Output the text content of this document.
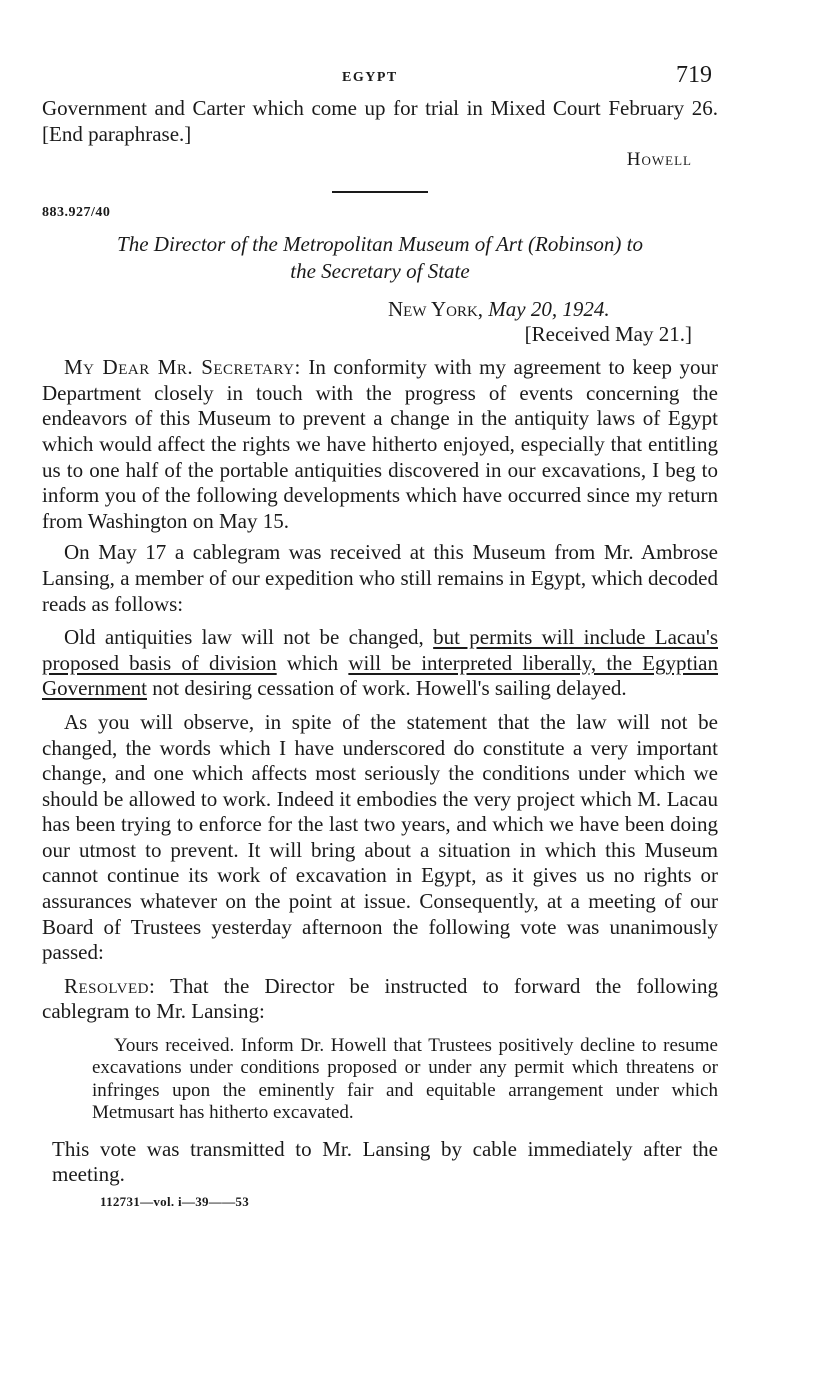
EGYPT	719

Government and Carter which come up for trial in Mixed Court February 26. [End paraphrase.]

Howell
883.927/40
The Director of the Metropolitan Museum of Art (Robinson) to
the Secretary of State
New York, May 20, 1924.
[Received May 21.]

My Dear Mr. Secretary: In conformity with my agreement to keep your Department closely in touch with the progress of events concerning the endeavors of this Museum to prevent a change in the antiquity laws of Egypt which would affect the rights we have hitherto enjoyed, especially that entitling us to one half of the portable antiquities discovered in our excavations, I beg to inform you of the following developments which have occurred since my return from Washington on May 15.

On May 17 a cablegram was received at this Museum from Mr. Ambrose Lansing, a member of our expedition who still remains in Egypt, which decoded reads as follows:

Old antiquities law will not be changed, but permits will include Lacau's proposed basis of division which will be interpreted liberally, the Egyptian Government not desiring cessation of work. Howell's sailing delayed.

As you will observe, in spite of the statement that the law will not be changed, the words which I have underscored do constitute a very important change, and one which affects most seriously the conditions under which we should be allowed to work. Indeed it embodies the very project which M. Lacau has been trying to enforce for the last two years, and which we have been doing our utmost to prevent. It will bring about a situation in which this Museum cannot continue its work of excavation in Egypt, as it gives us no rights or assurances whatever on the point at issue. Consequently, at a meeting of our Board of Trustees yesterday afternoon the following vote was unanimously passed:

Resolved: That the Director be instructed to forward the following cablegram to Mr. Lansing:

Yours received. Inform Dr. Howell that Trustees positively decline to resume excavations under conditions proposed or under any permit which threatens or infringes upon the eminently fair and equitable arrangement under which Metmusart has hitherto excavated.

This vote was transmitted to Mr. Lansing by cable immediately after the meeting.

112731—vol. i—39——53
